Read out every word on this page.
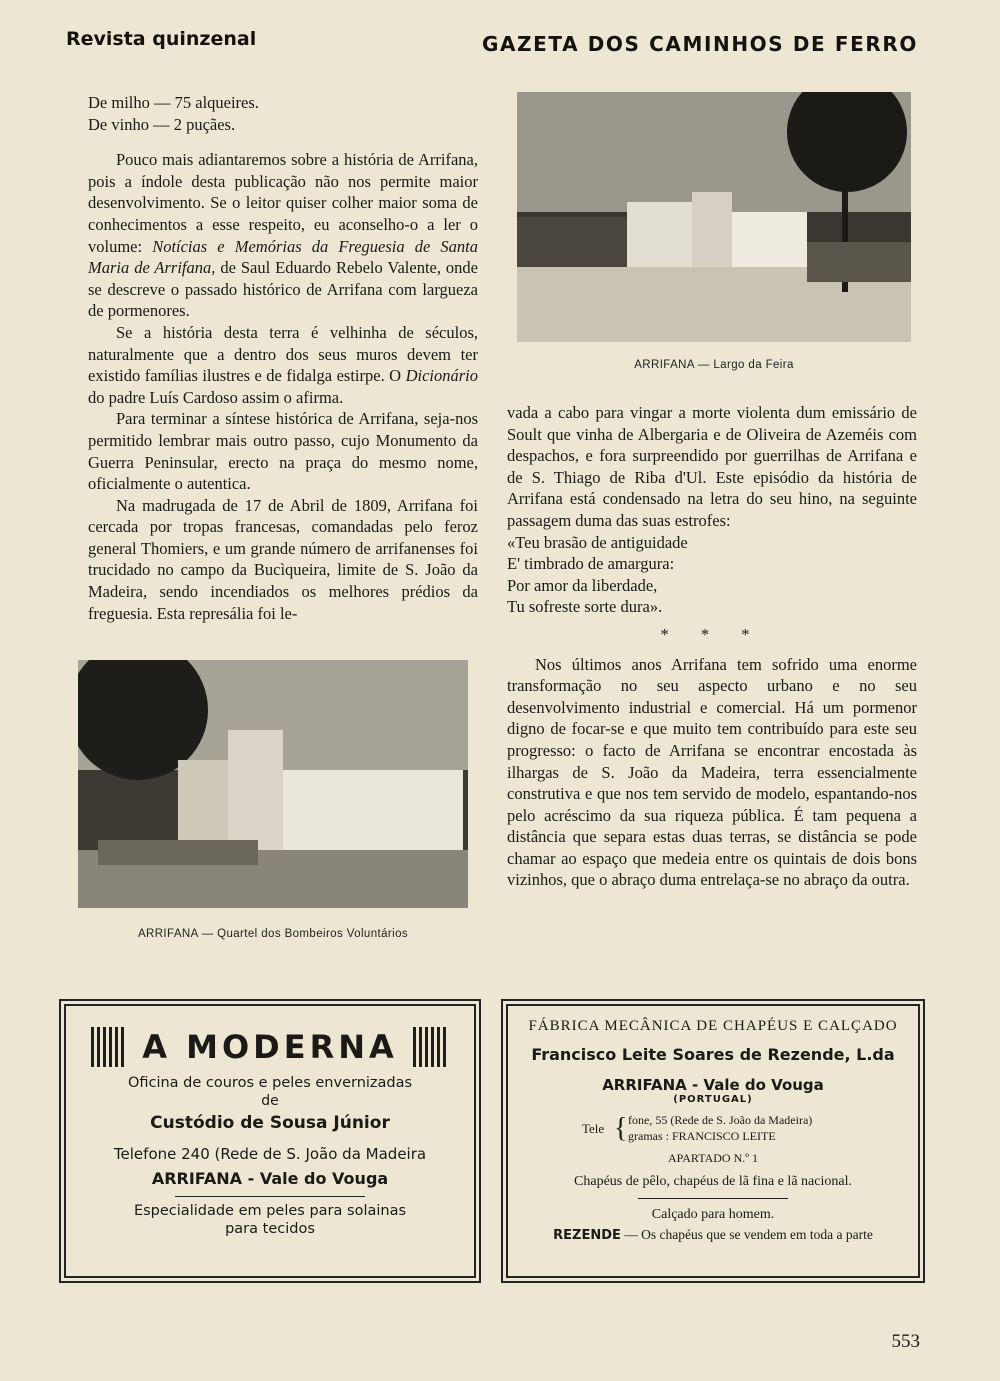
Revista quinzenal	GAZETA DOS CAMINHOS DE FERRO

De milho — 75 alqueires.

De vinho — 2 puçães.

Pouco mais adiantaremos sobre a história de Arrifana, pois a índole desta publicação não nos permite maior desenvolvimento. Se o leitor quiser colher maior soma de conhecimentos a esse respeito, eu aconselho-o a ler o volume: Notícias e Memórias da Freguesia de Santa Maria de Arrifana, de Saul Eduardo Rebelo Valente, onde se descreve o passado histórico de Arrifana com largueza de pormenores.

Se a história desta terra é velhinha de séculos, naturalmente que a dentro dos seus muros devem ter existido famílias ilustres e de fidalga estirpe. O Dicionário do padre Luís Cardoso assim o afirma.

Para terminar a síntese histórica de Arrifana, seja-nos permitido lembrar mais outro passo, cujo Monumento da Guerra Peninsular, erecto na praça do mesmo nome, oficialmente o autentica.

Na madrugada de 17 de Abril de 1809, Arrifana foi cercada por tropas francesas, comandadas pelo feroz general Thomiers, e um grande número de arrifanenses foi trucidado no campo da Bucìqueira, limite de S. João da Madeira, sendo incendiados os melhores prédios da freguesia. Esta represália foi le-

ARRIFANA — Largo da Feira

vada a cabo para vingar a morte violenta dum emissário de Soult que vinha de Albergaria e de Oliveira de Azeméis com despachos, e fora surpreendido por guerrilhas de Arrifana e de S. Thiago de Riba d'Ul. Este episódio da história de Arrifana está condensado na letra do seu hino, na seguinte passagem duma das suas estrofes:

«Teu brasão de antiguidade

E' timbrado de amargura:

Por amor da liberdade,

Tu sofreste sorte dura».

* * *

Nos últimos anos Arrifana tem sofrido uma enorme transformação no seu aspecto urbano e no seu desenvolvimento industrial e comercial. Há um pormenor digno de focar-se e que muito tem contribuído para este seu progresso: o facto de Arrifana se encontrar encostada às ilhargas de S. João da Madeira, terra essencialmente construtiva e que nos tem servido de modelo, espantando-nos pelo acréscimo da sua riqueza pública. É tam pequena a distância que separa estas duas terras, se distância se pode chamar ao espaço que medeia entre os quintais de dois bons vizinhos, que o abraço duma entrelaça-se no abraço da outra.

ARRIFANA — Quartel dos Bombeiros Voluntários
A MODERNA
Oficina de couros e peles envernizadas
de
Custódio de Sousa Júnior
Telefone 240 (Rede de S. João da Madeira
ARRIFANA - Vale do Vouga
Especialidade em peles para solainas
para tecidos
FÁBRICA MECÂNICA DE CHAPÉUS E CALÇADO
Francisco Leite Soares de Rezende, L.da
ARRIFANA - Vale do Vouga
(PORTUGAL)
Tele { fone, 55 (Rede de S. João da Madeira)
gramas : FRANCISCO LEITE
APARTADO N.º 1
Chapéus de pêlo, chapéus de lã fina e lã nacional.
Calçado para homem.
REZENDE — Os chapéus que se vendem em toda a parte
553
